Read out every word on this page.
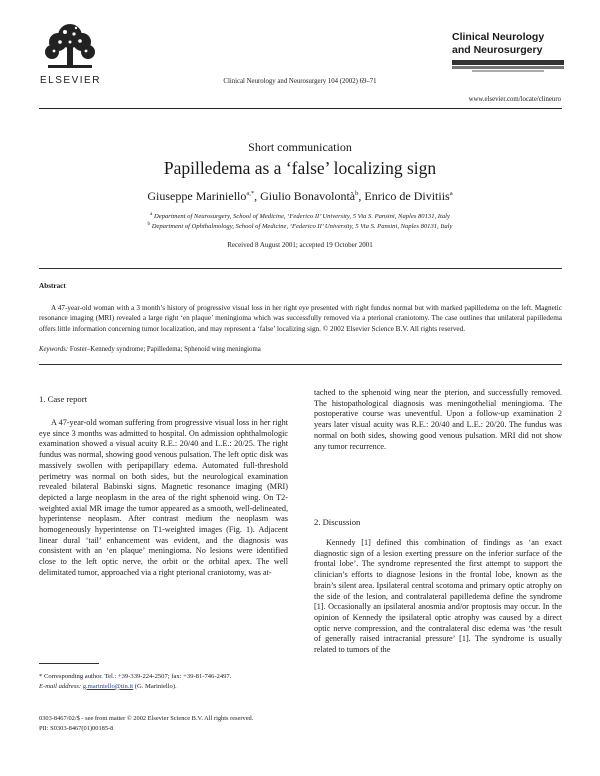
ELSEVIER	Clinical Neurology and Neurosurgery 104 (2002) 69–71
Clinical Neurology
and Neurosurgery
www.elsevier.com/locate/clineuro
Short communication
Papilledema as a ‘false’ localizing sign
Giuseppe Mariniello$^{a,*}$, Giulio Bonavolontà$^b$, Enrico de Divitiis$^a$
$^a$ Department of Neurosurgery, School of Medicine, ‘Federico II’ University, 5 Via S. Pansini, Naples 80131, Italy
$^b$ Department of Ophthalmology, School of Medicine, ‘Federico II’ University, 5 Via S. Pansini, Naples 80131, Italy
Received 8 August 2001; accepted 19 October 2001
Abstract
A 47-year-old woman with a 3 month’s history of progressive visual loss in her right eye presented with right fundus normal but with marked papilledema on the left. Magnetic resonance imaging (MRI) revealed a large right ‘en plaque’ meningioma which was successfully removed via a pterional craniotomy. The case outlines that unilateral papilledema offers little information concerning tumor localization, and may represent a ‘false’ localizing sign. © 2002 Elsevier Science B.V. All rights reserved.
Keywords: Foster–Kennedy syndrome; Papilledema; Sphenoid wing meningioma
1. Case report

A 47-year-old woman suffering from progressive visual loss in her right eye since 3 months was admitted to hospital. On admission ophthalmologic examination showed a visual acuity R.E.: 20/40 and L.E.: 20/25. The right fundus was normal, showing good venous pulsation. The left optic disk was massively swollen with peripapillary edema. Automated full-threshold perimetry was normal on both sides, but the neurological examination revealed bilateral Babinski signs. Magnetic resonance imaging (MRI) depicted a large neoplasm in the area of the right sphenoid wing. On T2-weighted axial MR image the tumor appeared as a smooth, well-delineated, hyperintense neoplasm. After contrast medium the neoplasm was homogeneously hyperintense on T1-weighted images (Fig. 1). Adjacent linear dural ‘tail’ enhancement was evident, and the diagnosis was consistent with an ‘en plaque’ meningioma. No lesions were identified close to the left optic nerve, the orbit or the orbital apex. The well delimitated tumor, approached via a right pterional craniotomy, was at-

tached to the sphenoid wing near the pterion, and successfully removed. The histopathological diagnosis was meningothelial meningioma. The postoperative course was uneventful. Upon a follow-up examination 2 years later visual acuity was R.E.: 20/40 and L.E.: 20/20. The fundus was normal on both sides, showing good venous pulsation. MRI did not show any tumor recurrence.

2. Discussion

Kennedy [1] defined this combination of findings as ‘an exact diagnostic sign of a lesion exerting pressure on the inferior surface of the frontal lobe’. The syndrome represented the first attempt to support the clinician’s efforts to diagnose lesions in the frontal lobe, known as the brain’s silent area. Ipsilateral central scotoma and primary optic atrophy on the side of the lesion, and contralateral papilledema define the syndrome [1]. Occasionally an ipsilateral anosmia and/or proptosis may occur. In the opinion of Kennedy the ipsilateral optic atrophy was caused by a direct optic nerve compression, and the contralateral disc edema was ‘the result of generally raised intracranial pressure’ [1]. The syndrome is usually related to tumors of the

* Corresponding author. Tel.: +39-339-224-2507; fax: +39-81-746-2497.
E-mail address: g.mariniello@tin.it (G. Mariniello).
0303-8467/02/$ - see front matter © 2002 Elsevier Science B.V. All rights reserved.
PII: S0303-8467(01)00185-8
